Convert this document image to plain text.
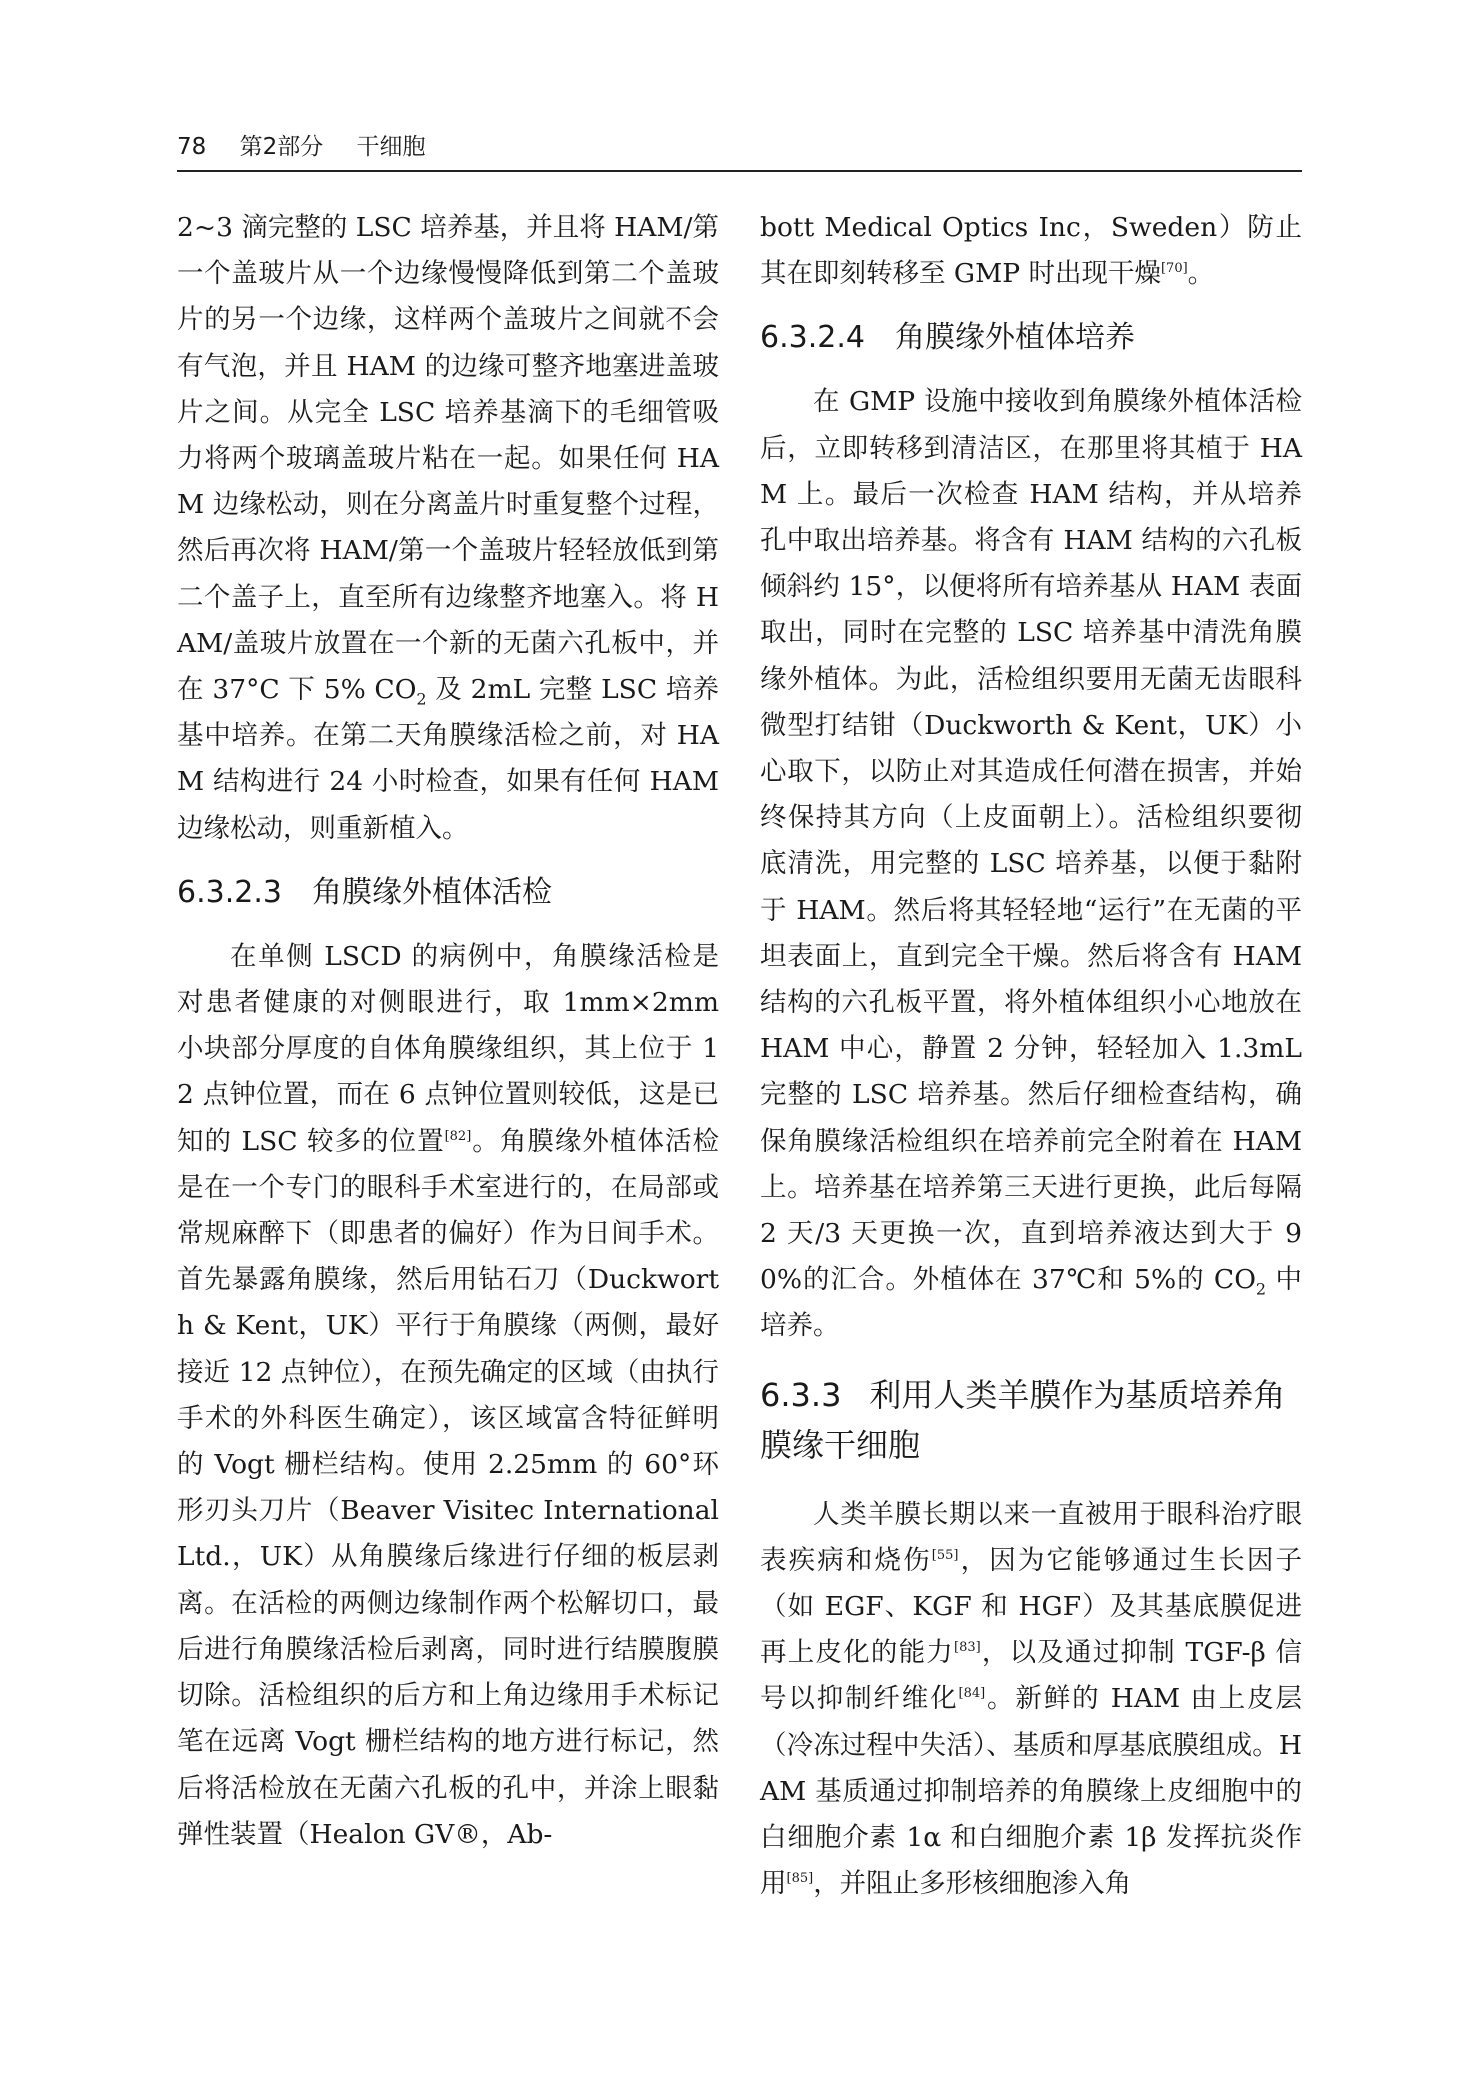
78 第2部分 干细胞

2~3 滴完整的 LSC 培养基，并且将 HAM/第一个盖玻片从一个边缘慢慢降低到第二个盖玻片的另一个边缘，这样两个盖玻片之间就不会有气泡，并且 HAM 的边缘可整齐地塞进盖玻片之间。从完全 LSC 培养基滴下的毛细管吸力将两个玻璃盖玻片粘在一起。如果任何 HAM 边缘松动，则在分离盖片时重复整个过程，然后再次将 HAM/第一个盖玻片轻轻放低到第二个盖子上，直至所有边缘整齐地塞入。将 HAM/盖玻片放置在一个新的无菌六孔板中，并在 37°C 下 5% $CO_2$ 及 2mL 完整 LSC 培养基中培养。在第二天角膜缘活检之前，对 HAM 结构进行 24 小时检查，如果有任何 HAM 边缘松动，则重新植入。

6.3.2.3 角膜缘外植体活检

在单侧 LSCD 的病例中，角膜缘活检是对患者健康的对侧眼进行，取 1mm×2mm 小块部分厚度的自体角膜缘组织，其上位于 12 点钟位置，而在 6 点钟位置则较低，这是已知的 LSC 较多的位置[82]。角膜缘外植体活检是在一个专门的眼科手术室进行的，在局部或常规麻醉下（即患者的偏好）作为日间手术。首先暴露角膜缘，然后用钻石刀（Duckworth & Kent，UK）平行于角膜缘（两侧，最好接近 12 点钟位），在预先确定的区域（由执行手术的外科医生确定），该区域富含特征鲜明的 Vogt 栅栏结构。使用 2.25mm 的 60°环形刃头刀片（Beaver Visitec International Ltd.，UK）从角膜缘后缘进行仔细的板层剥离。在活检的两侧边缘制作两个松解切口，最后进行角膜缘活检后剥离，同时进行结膜腹膜切除。活检组织的后方和上角边缘用手术标记笔在远离 Vogt 栅栏结构的地方进行标记，然后将活检放在无菌六孔板的孔中，并涂上眼黏弹性装置（Healon GV®，Ab-

bott Medical Optics Inc，Sweden）防止其在即刻转移至 GMP 时出现干燥[70]。

6.3.2.4 角膜缘外植体培养

在 GMP 设施中接收到角膜缘外植体活检后，立即转移到清洁区，在那里将其植于 HAM 上。最后一次检查 HAM 结构，并从培养孔中取出培养基。将含有 HAM 结构的六孔板倾斜约 15°，以便将所有培养基从 HAM 表面取出，同时在完整的 LSC 培养基中清洗角膜缘外植体。为此，活检组织要用无菌无齿眼科微型打结钳（Duckworth & Kent，UK）小心取下，以防止对其造成任何潜在损害，并始终保持其方向（上皮面朝上）。活检组织要彻底清洗，用完整的 LSC 培养基，以便于黏附于 HAM。然后将其轻轻地“运行”在无菌的平坦表面上，直到完全干燥。然后将含有 HAM 结构的六孔板平置，将外植体组织小心地放在 HAM 中心，静置 2 分钟，轻轻加入 1.3mL 完整的 LSC 培养基。然后仔细检查结构，确保角膜缘活检组织在培养前完全附着在 HAM 上。培养基在培养第三天进行更换，此后每隔 2 天/3 天更换一次，直到培养液达到大于 90%的汇合。外植体在 37℃和 5%的 $CO_2$ 中培养。

6.3.3 利用人类羊膜作为基质培养角膜缘干细胞

人类羊膜长期以来一直被用于眼科治疗眼表疾病和烧伤[55]，因为它能够通过生长因子（如 EGF、KGF 和 HGF）及其基底膜促进再上皮化的能力[83]，以及通过抑制 TGF-β 信号以抑制纤维化[84]。新鲜的 HAM 由上皮层（冷冻过程中失活）、基质和厚基底膜组成。HAM 基质通过抑制培养的角膜缘上皮细胞中的白细胞介素 1α 和白细胞介素 1β 发挥抗炎作用[85]，并阻止多形核细胞渗入角
